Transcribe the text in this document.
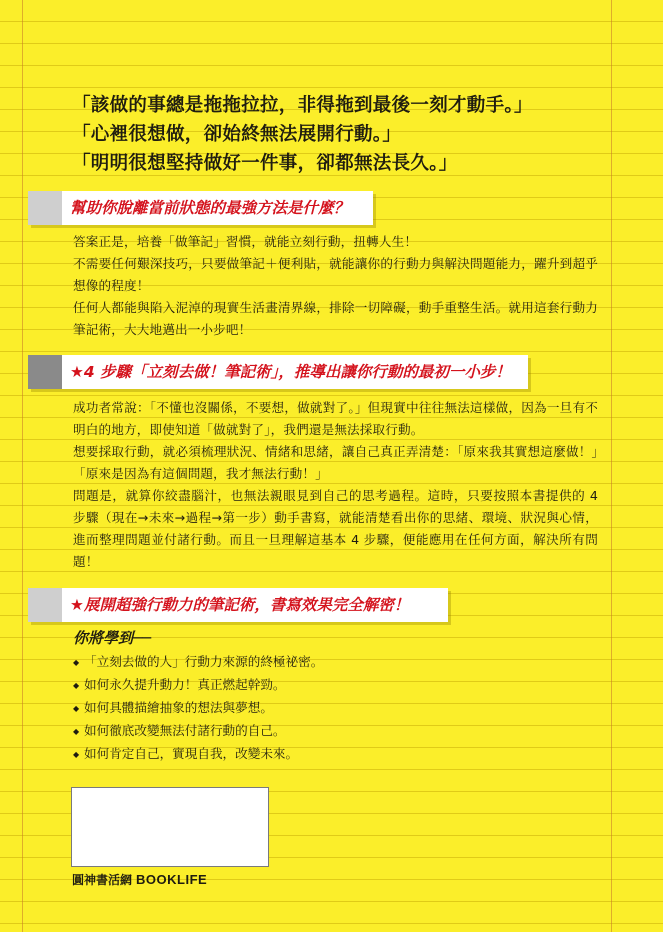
「該做的事總是拖拖拉拉，非得拖到最後一刻才動手。」
「心裡很想做，卻始終無法展開行動。」
「明明很想堅持做好一件事，卻都無法長久。」
幫助你脫離當前狀態的最強方法是什麼？

答案正是，培養「做筆記」習慣，就能立刻行動，扭轉人生！

不需要任何艱深技巧，只要做筆記＋便利貼，就能讓你的行動力與解決問題能力，躍升到超乎想像的程度！

任何人都能與陷入泥淖的現實生活畫清界線，排除一切障礙，動手重整生活。就用這套行動力筆記術，大大地邁出一小步吧！

★4 步驟「立刻去做！筆記術」，推導出讓你行動的最初一小步！

成功者常說：「不懂也沒關係，不要想，做就對了。」但現實中往往無法這樣做，因為一旦有不明白的地方，即使知道「做就對了」，我們還是無法採取行動。

想要採取行動，就必須梳理狀況、情緒和思緒，讓自己真正弄清楚：「原來我其實想這麼做！」「原來是因為有這個問題，我才無法行動！」

問題是，就算你絞盡腦汁，也無法親眼見到自己的思考過程。這時，只要按照本書提供的 4 步驟（現在→未來→過程→第一步）動手書寫，就能清楚看出你的思緒、環境、狀況與心情，進而整理問題並付諸行動。而且一旦理解這基本 4 步驟，便能應用在任何方面，解決所有問題！

★展開超強行動力的筆記術，書寫效果完全解密！
你將學到──
◆ 「立刻去做的人」行動力來源的終極祕密。
◆ 如何永久提升動力！真正燃起幹勁。
◆ 如何具體描繪抽象的想法與夢想。
◆ 如何徹底改變無法付諸行動的自己。
◆ 如何肯定自己，實現自我，改變未來。
圓神書活網 BOOKLIFE
